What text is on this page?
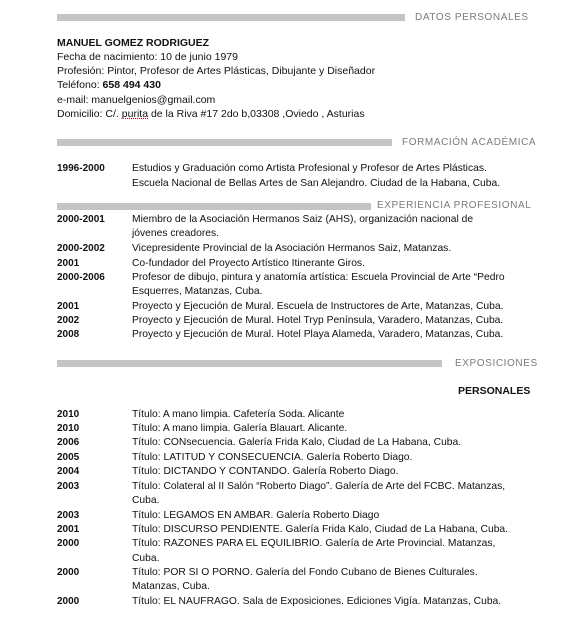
DATOS PERSONALES
MANUEL GOMEZ RODRIGUEZ
Fecha de nacimiento: 10 de junio 1979
Profesión: Pintor, Profesor de Artes Plásticas, Dibujante y Diseñador
Teléfono: 658 494 430
e-mail: manuelgenios@gmail.com
Domicilio: C/. purita de la Riva #17 2do b,03308 ,Oviedo , Asturias
FORMACIÓN ACADÉMICA
1996-2000	Estudios y Graduación como Artista Profesional y Profesor de Artes Plásticas.
Escuela Nacional de Bellas Artes de San Alejandro. Ciudad de la Habana, Cuba.
EXPERIENCIA PROFESIONAL
2000-2001	Miembro de la Asociación Hermanos Saiz (AHS), organización nacional de
jóvenes creadores.
2000-2002	Vicepresidente Provincial de la Asociación Hermanos Saiz, Matanzas.
2001	Co-fundador del Proyecto Artístico Itinerante Giros.
2000-2006	Profesor de dibujo, pintura y anatomía artística: Escuela Provincial de Arte “Pedro
Esquerres, Matanzas, Cuba.
2001	Proyecto y Ejecución de Mural. Escuela de Instructores de Arte, Matanzas, Cuba.
2002	Proyecto y Ejecución de Mural. Hotel Tryp Península, Varadero, Matanzas, Cuba.
2008	Proyecto y Ejecución de Mural. Hotel Playa Alameda, Varadero, Matanzas, Cuba.
EXPOSICIONES
PERSONALES
2010	Título: A mano limpia. Cafetería Soda. Alicante
2010	Título: A mano limpia. Galería Blauart. Alicante.
2006	Título: CONsecuencia. Galería Frida Kalo, Ciudad de La Habana, Cuba.
2005	Título: LATITUD Y CONSECUENCIA. Galería Roberto Diago.
2004	Título: DICTANDO Y CONTANDO. Galería Roberto Diago.
2003	Título: Colateral al II Salón “Roberto Diago”. Galería de Arte del FCBC. Matanzas,
Cuba.
2003	Título: LEGAMOS EN AMBAR. Galería Roberto Diago
2001	Título: DISCURSO PENDIENTE. Galería Frida Kalo, Ciudad de La Habana, Cuba.
2000	Título: RAZONES PARA EL EQUILIBRIO. Galería de Arte Provincial. Matanzas,
Cuba.
2000	Título: POR SI O PORNO. Galería del Fondo Cubano de Bienes Culturales.
Matanzas, Cuba.
2000	Título: EL NAUFRAGO. Sala de Exposiciones. Ediciones Vigía. Matanzas, Cuba.
